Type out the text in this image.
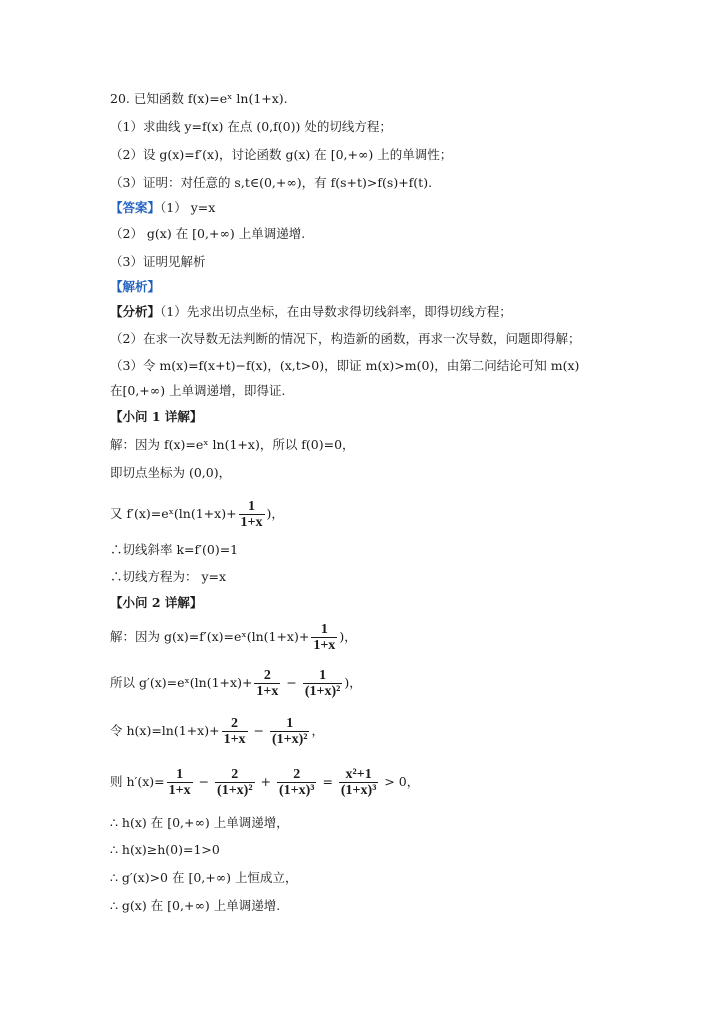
20. 已知函数 f(x)=eˣ ln(1+x).
（1）求曲线 y=f(x) 在点 (0,f(0)) 处的切线方程；
（2）设 g(x)=f′(x)，讨论函数 g(x) 在 [0,+∞) 上的单调性；
（3）证明：对任意的 s,t∈(0,+∞)，有 f(s+t)>f(s)+f(t).
【答案】（1） y=x
（2） g(x) 在 [0,+∞) 上单调递增.
（3）证明见解析
【解析】
【分析】（1）先求出切点坐标，在由导数求得切线斜率，即得切线方程；
（2）在求一次导数无法判断的情况下，构造新的函数，再求一次导数，问题即得解；
（3）令 m(x)=f(x+t)−f(x)，(x,t>0)，即证 m(x)>m(0)，由第二问结论可知 m(x)
在[0,+∞) 上单调递增，即得证.
【小问 1 详解】
解：因为 f(x)=eˣ ln(1+x)，所以 f(0)=0，
即切点坐标为 (0,0)，
又 f′(x)=eˣ(ln(1+x)+ $\frac{1}{1+x}$ )，
∴切线斜率 k=f′(0)=1
∴切线方程为： y=x
【小问 2 详解】
解：因为 g(x)=f′(x)=eˣ(ln(1+x)+ $\frac{1}{1+x}$ )，
所以 g′(x)=eˣ(ln(1+x)+ $\frac{2}{1+x} - \frac{1}{\text{(1+x)²}}$ )，
令 $h(x)=\ln(1+x)+ \frac{2}{1+x} - \frac{1}{\text{(1+x)²}}$ ，
则 $h'(x)= \frac{1}{1+x} - \frac{2}{\text{(1+x)²}} + \frac{2}{\text{(1+x)³}} = \frac{\text{x²+1}}{\text{(1+x)³}} > 0$，
∴ h(x) 在 [0,+∞) 上单调递增，
∴ h(x)≥h(0)=1>0
∴ g′(x)>0 在 [0,+∞) 上恒成立，
∴ g(x) 在 [0,+∞) 上单调递增.
